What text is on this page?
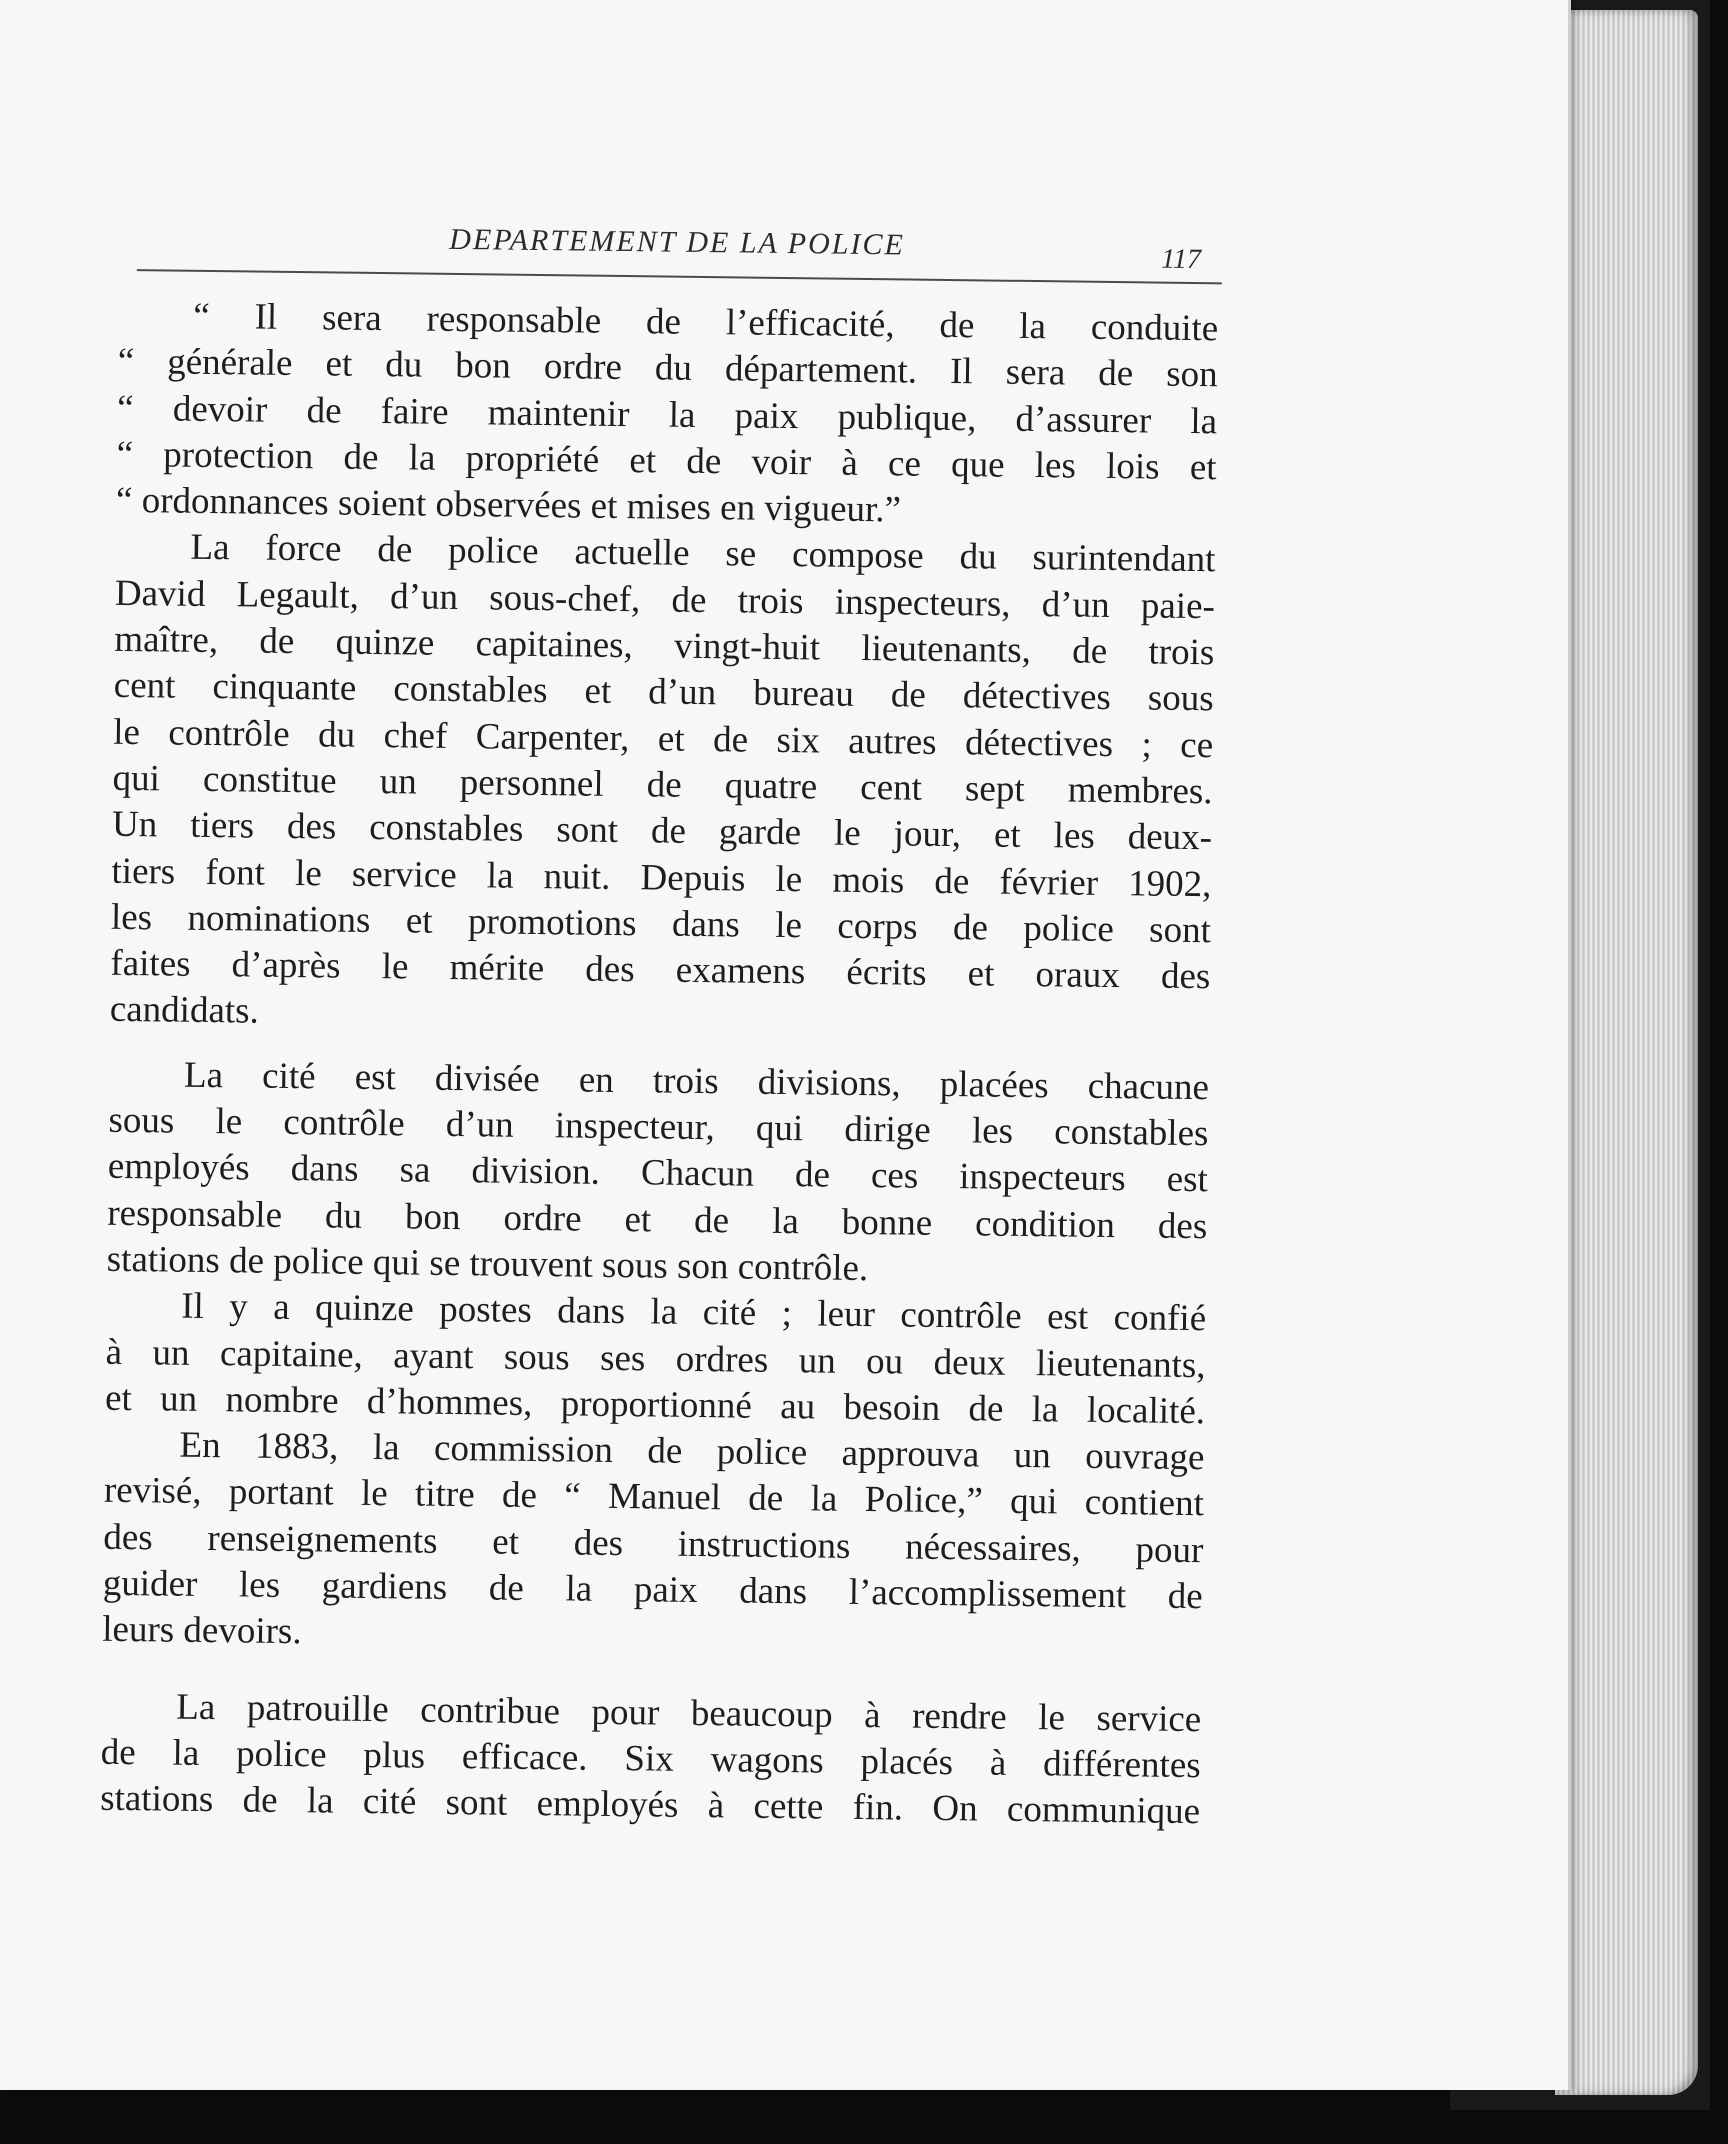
DEPARTEMENT DE LA POLICE	117

“ Il sera responsable de l’efficacité, de la conduite

“ générale et du bon ordre du département. Il sera de son

“ devoir de faire maintenir la paix publique, d’assurer la

“ protection de la propriété et de voir à ce que les lois et

“ ordonnances soient observées et mises en vigueur.”

La force de police actuelle se compose du surintendant

David Legault, d’un sous-chef, de trois inspecteurs, d’un paie-

maître, de quinze capitaines, vingt-huit lieutenants, de trois

cent cinquante constables et d’un bureau de détectives sous

le contrôle du chef Carpenter, et de six autres détectives ; ce

qui constitue un personnel de quatre cent sept membres.

Un tiers des constables sont de garde le jour, et les deux-

tiers font le service la nuit. Depuis le mois de février 1902,

les nominations et promotions dans le corps de police sont

faites d’après le mérite des examens écrits et oraux des

candidats.

La cité est divisée en trois divisions, placées chacune

sous le contrôle d’un inspecteur, qui dirige les constables

employés dans sa division. Chacun de ces inspecteurs est

responsable du bon ordre et de la bonne condition des

stations de police qui se trouvent sous son contrôle.

Il y a quinze postes dans la cité ; leur contrôle est confié

à un capitaine, ayant sous ses ordres un ou deux lieutenants,

et un nombre d’hommes, proportionné au besoin de la localité.

En 1883, la commission de police approuva un ouvrage

revisé, portant le titre de “ Manuel de la Police,” qui contient

des renseignements et des instructions nécessaires, pour

guider les gardiens de la paix dans l’accomplissement de

leurs devoirs.

La patrouille contribue pour beaucoup à rendre le service

de la police plus efficace. Six wagons placés à différentes

stations de la cité sont employés à cette fin. On communique
